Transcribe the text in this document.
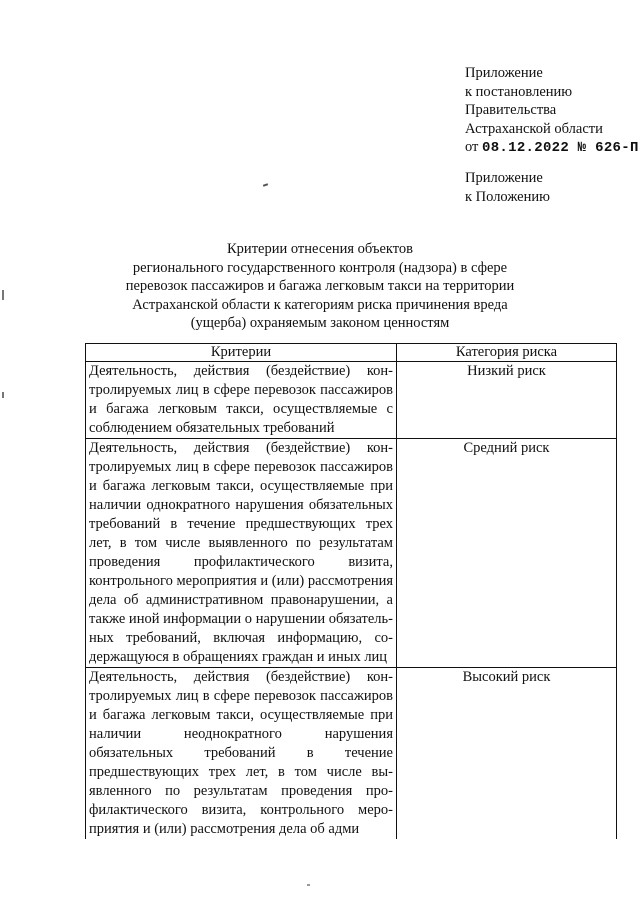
Приложение
к постановлению
Правительства
Астраханской области
от 08.12.2022 № 626-П
Приложение
к Положению
Критерии отнесения объектов
регионального государственного контроля (надзора) в сфере
перевозок пассажиров и багажа легковым такси на территории
Астраханской области к категориям риска причинения вреда
(ущерба) охраняемым законом ценностям
Критерии	Категория риска
Деятельность, действия (бездействие) контролируемых лиц в сфере перевозок пассажиров и багажа легковым такси, осуществляемые с соблюдением обязательных требований	Низкий риск
Деятельность, действия (бездействие) контролируемых лиц в сфере перевозок пассажиров и багажа легковым такси, осуществляемые при наличии однократного нарушения обязательных требований в течение предшествующих трех лет, в том числе выявленного по результатам проведения профилактического визита, контрольного мероприятия и (или) рассмотрения дела об административном правонарушении, а также иной информации о нарушении обязательных требований, включая информацию, содержащуюся в обращениях граждан и иных лиц	Средний риск
Деятельность, действия (бездействие) контролируемых лиц в сфере перевозок пассажиров и багажа легковым такси, осуществляемые при наличии неоднократного нарушения обязательных требований в течение предшествующих трех лет, в том числе выявленного по результатам проведения профилактического визита, контрольного мероприятия и (или) рассмотрения дела об адми	Высокий риск
